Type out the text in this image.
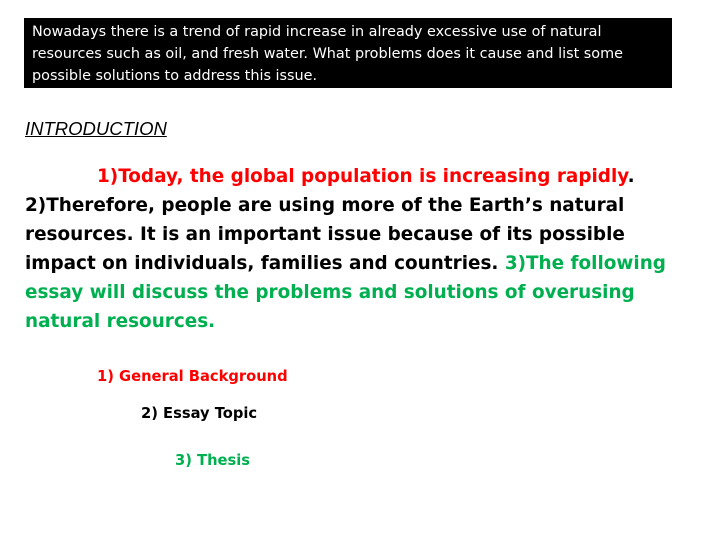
Nowadays there is a trend of rapid increase in already excessive use of natural
resources such as oil, and fresh water. What problems does it cause and list some
possible solutions to address this issue.
INTRODUCTION
1)Today, the global population is increasing rapidly. 2)Therefore, people are using more of the Earth’s natural resources. It is an important issue because of its possible impact on individuals, families and countries. 3)The following essay will discuss the problems and solutions of overusing natural resources.
1) General Background
2) Essay Topic
3) Thesis
